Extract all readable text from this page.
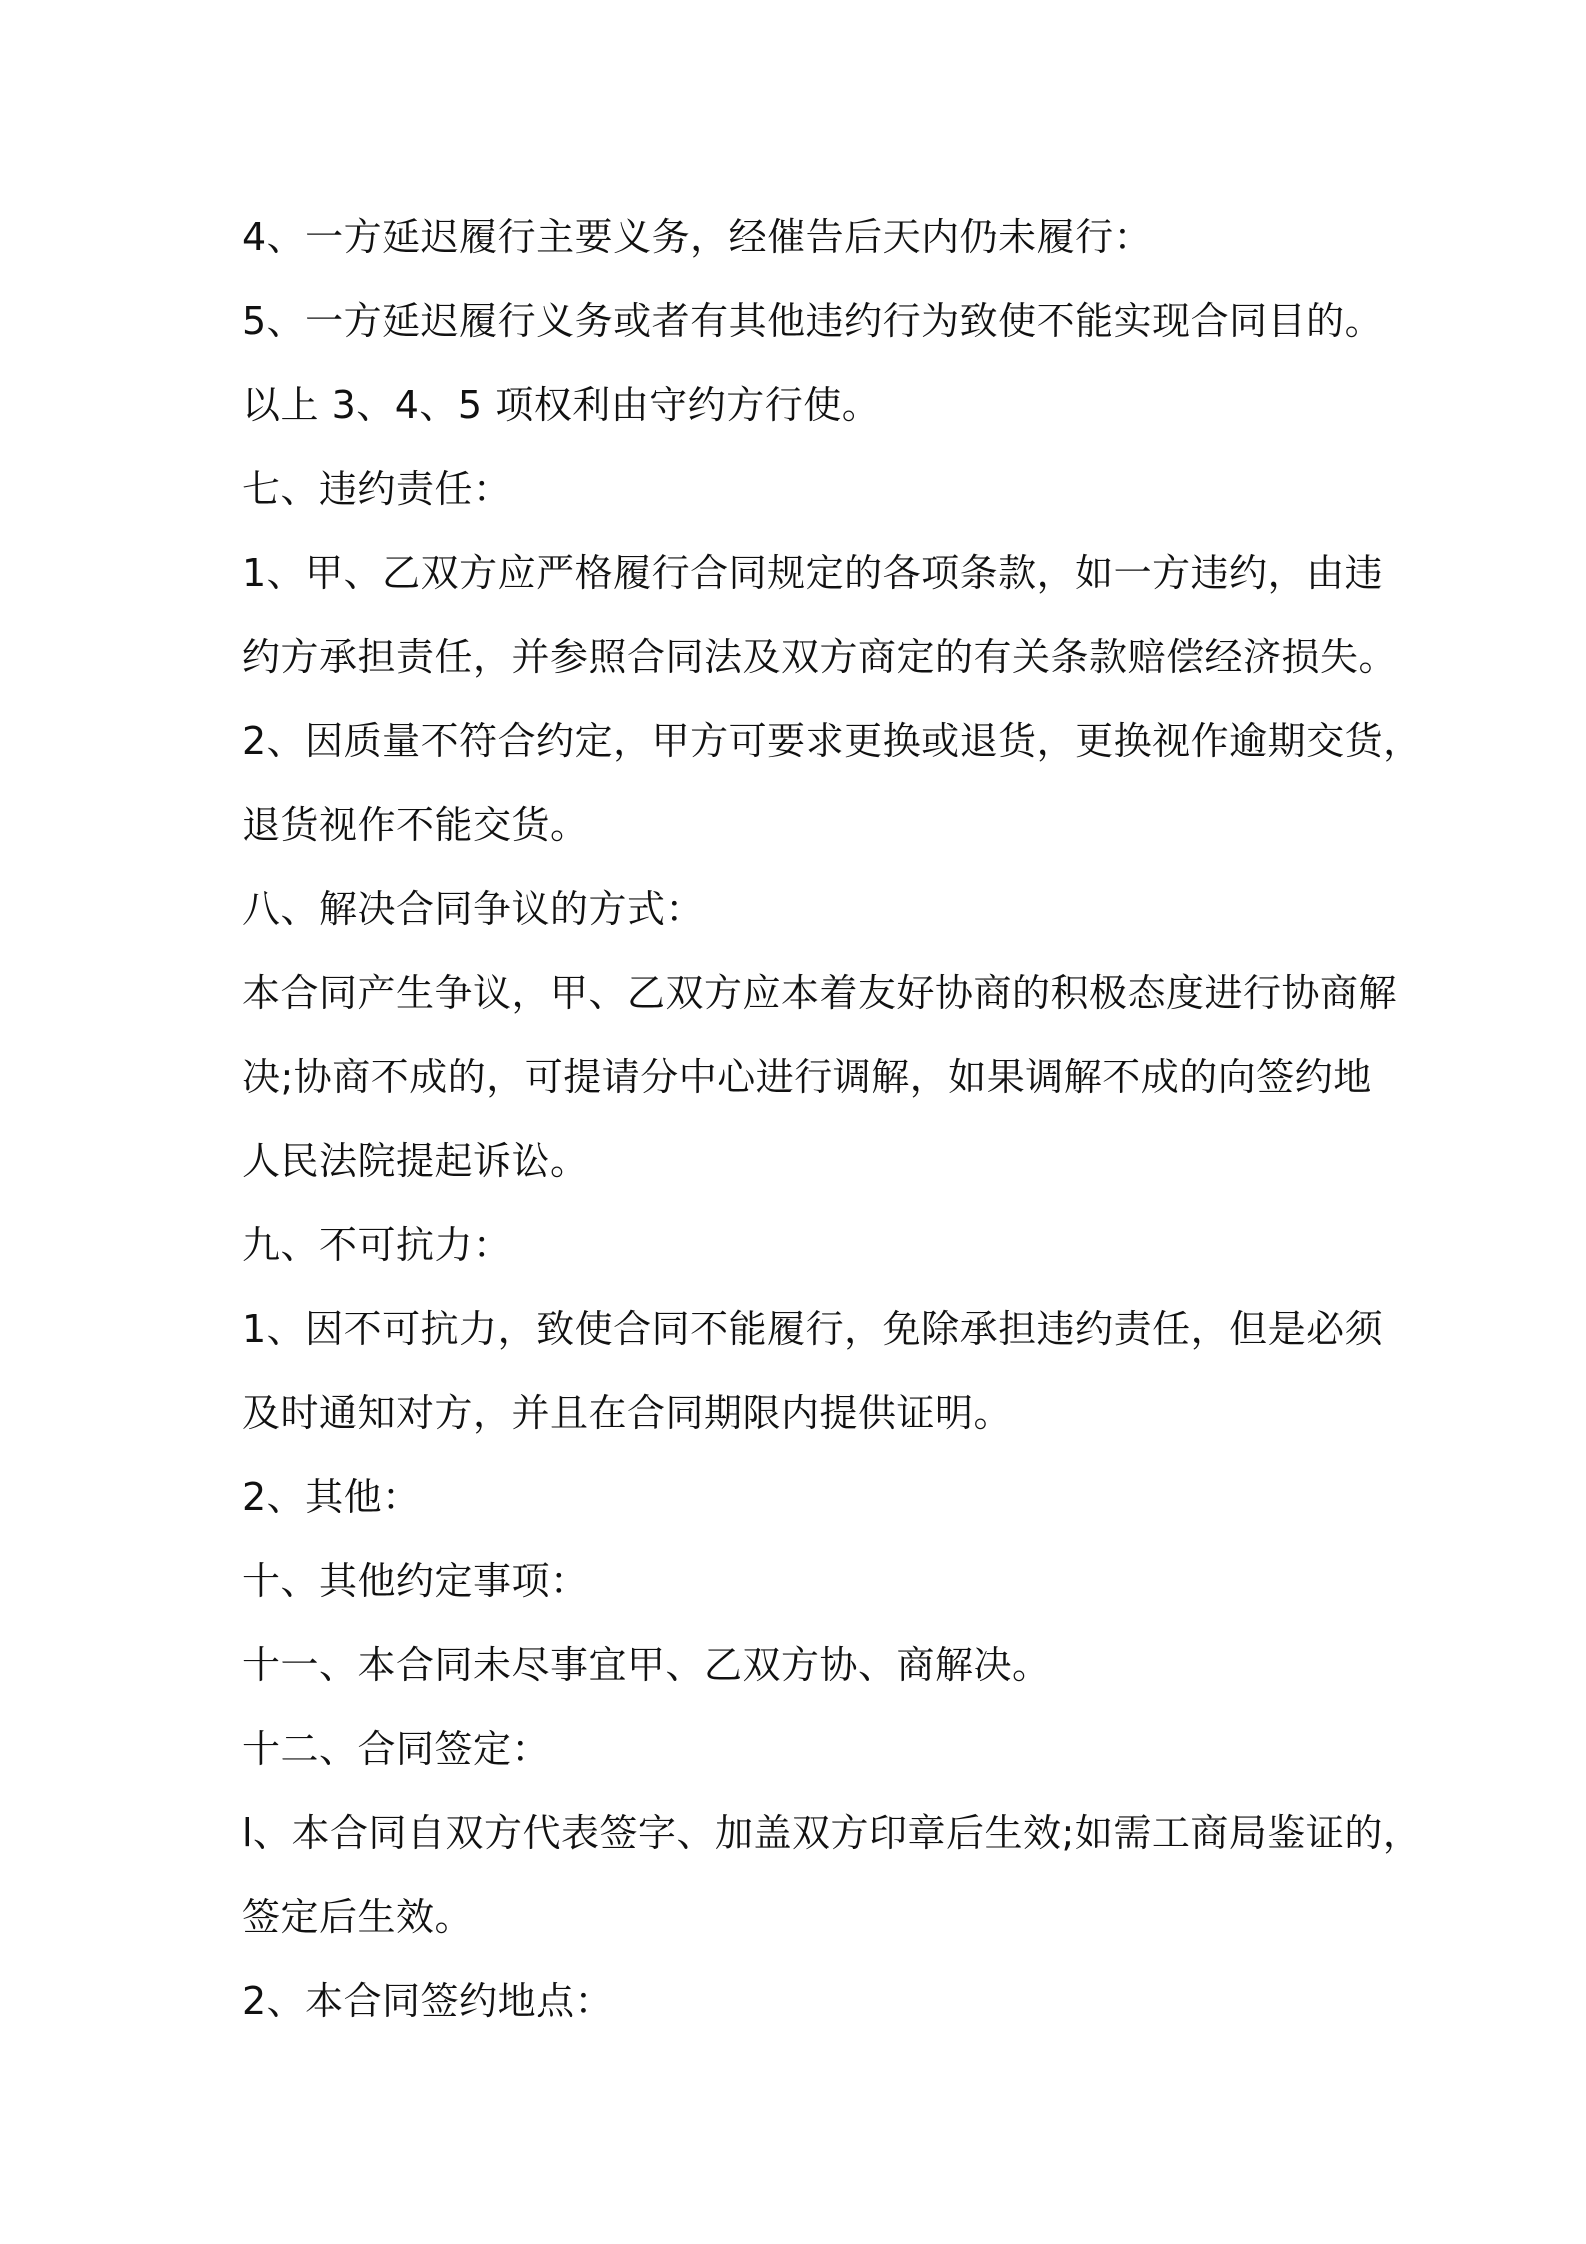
4、一方延迟履行主要义务，经催告后天内仍未履行：
5、一方延迟履行义务或者有其他违约行为致使不能实现合同目的。
以上 3、4、5 项权利由守约方行使。
七、违约责任：
1、甲、乙双方应严格履行合同规定的各项条款，如一方违约，由违
约方承担责任，并参照合同法及双方商定的有关条款赔偿经济损失。
2、因质量不符合约定，甲方可要求更换或退货，更换视作逾期交货，
退货视作不能交货。
八、解决合同争议的方式：
本合同产生争议，甲、乙双方应本着友好协商的积极态度进行协商解
决;协商不成的，可提请分中心进行调解，如果调解不成的向签约地
人民法院提起诉讼。
九、不可抗力：
1、因不可抗力，致使合同不能履行，免除承担违约责任，但是必须
及时通知对方，并且在合同期限内提供证明。
2、其他：
十、其他约定事项：
十一、本合同未尽事宜甲、乙双方协、商解决。
十二、合同签定：
l、本合同自双方代表签字、加盖双方印章后生效;如需工商局鉴证的，
签定后生效。
2、本合同签约地点：
